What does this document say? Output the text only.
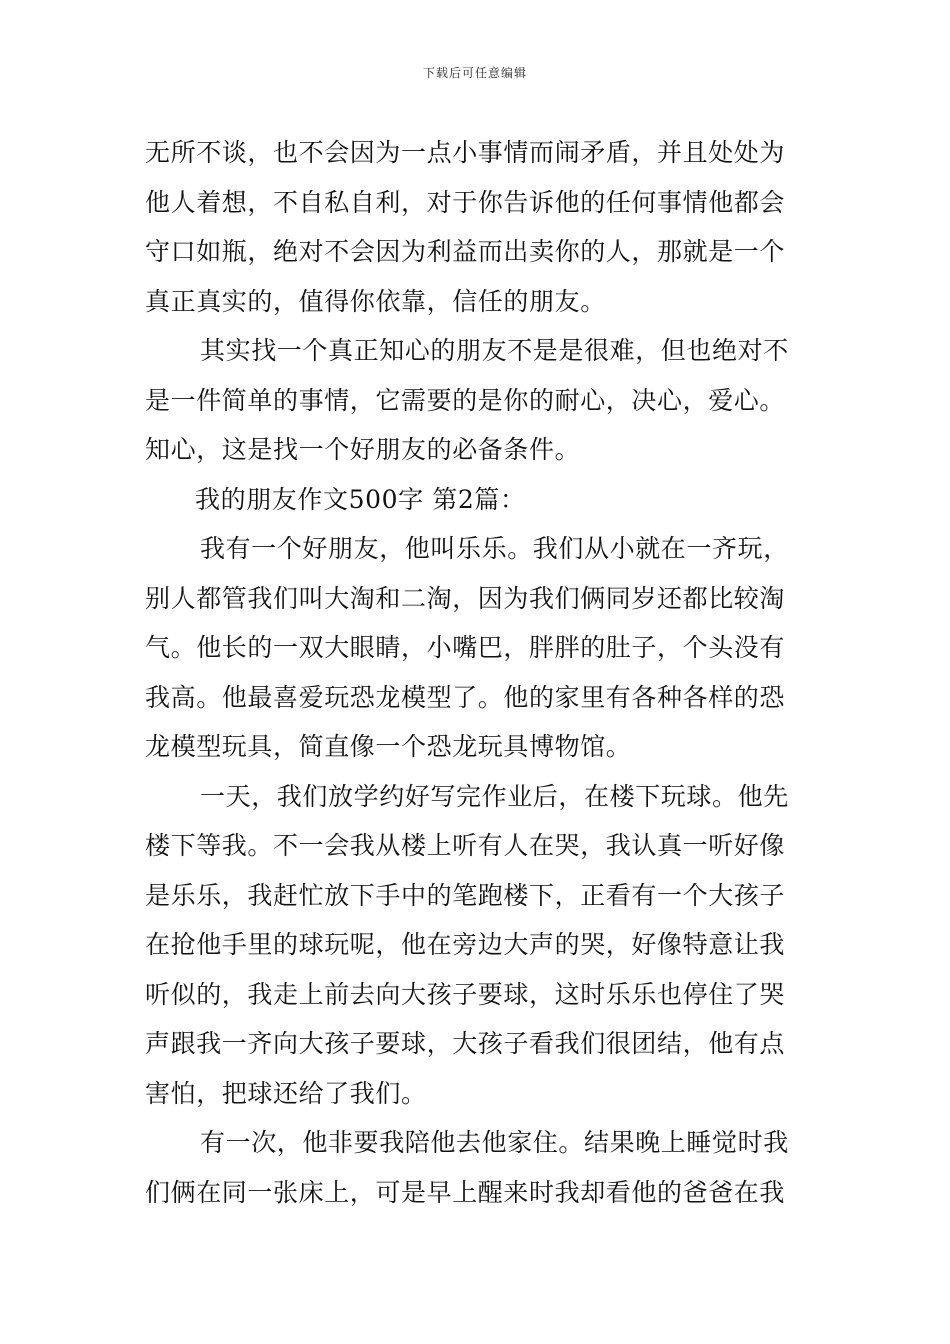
下载后可任意编辑
无所不谈，也不会因为一点小事情而闹矛盾，并且处处为
他人着想，不自私自利，对于你告诉他的任何事情他都会
守口如瓶，绝对不会因为利益而出卖你的人，那就是一个
真正真实的，值得你依靠，信任的朋友。
其实找一个真正知心的朋友不是是很难，但也绝对不
是一件简单的事情，它需要的是你的耐心，决心，爱心。
知心，这是找一个好朋友的必备条件。
我的朋友作文500字 第2篇：
我有一个好朋友，他叫乐乐。我们从小就在一齐玩，
别人都管我们叫大淘和二淘，因为我们俩同岁还都比较淘
气。他长的一双大眼睛，小嘴巴，胖胖的肚子，个头没有
我高。他最喜爱玩恐龙模型了。他的家里有各种各样的恐
龙模型玩具，简直像一个恐龙玩具博物馆。
一天，我们放学约好写完作业后，在楼下玩球。他先
楼下等我。不一会我从楼上听有人在哭，我认真一听好像
是乐乐，我赶忙放下手中的笔跑楼下，正看有一个大孩子
在抢他手里的球玩呢，他在旁边大声的哭，好像特意让我
听似的，我走上前去向大孩子要球，这时乐乐也停住了哭
声跟我一齐向大孩子要球，大孩子看我们很团结，他有点
害怕，把球还给了我们。
有一次，他非要我陪他去他家住。结果晚上睡觉时我
们俩在同一张床上，可是早上醒来时我却看他的爸爸在我
